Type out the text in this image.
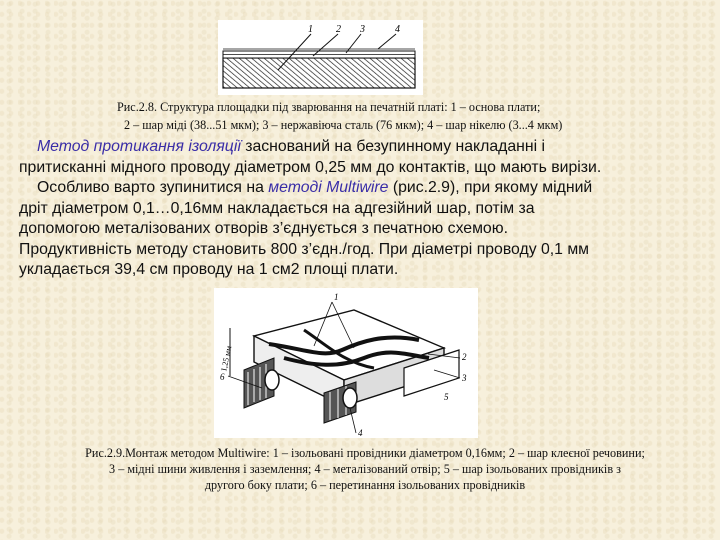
1 2 3	4
Рис.2.8. Структура площадки під зварювання на печатній платі: 1 – основа плати;
2 – шар міді (38...51 мкм); 3 – нержавіюча сталь (76 мкм); 4 – шар нікелю (3...4 мкм)

Метод протикання ізоляції заснований на безупинному накладанні і

притисканні мідного проводу діаметром 0,25 мм до контактів, що мають вирізи.

Особливо варто зупинитися на методі Multiwire (рис.2.9), при якому мідний

дріт діаметром 0,1…0,16мм накладається на адгезійний шар, потім за

допомогою металізованих отворів з’єднується з печатною схемою.

Продуктивність методу становить 800 з’єдн./год. При діаметрі проводу 0,1 мм

укладається 39,4 см проводу на 1 см2 площі плати.

1,25 мм
1
2
3
4
5
6
Рис.2.9.Монтаж методом Multiwire: 1 – ізольовані провідники діаметром 0,16мм; 2 – шар клеєної речовини;
3 – мідні шини живлення і заземлення; 4 – металізований отвір; 5 – шар ізольованих провідників з
другого боку плати; 6 – перетинання ізольованих провідників
